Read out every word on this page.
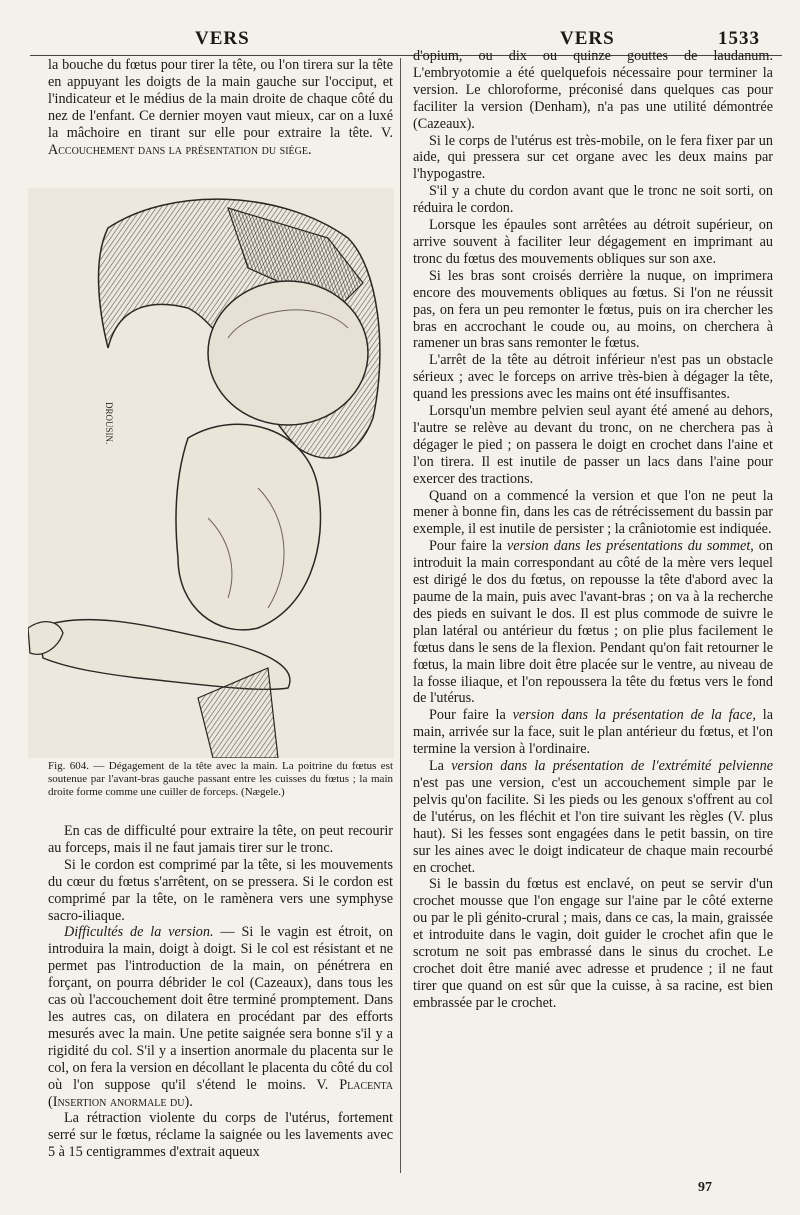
VERS	VERS	1533

la bouche du fœtus pour tirer la tête, ou l'on tirera sur la tête en appuyant les doigts de la main gauche sur l'occiput, et l'indicateur et le médius de la main droite de chaque côté du nez de l'enfant. Ce dernier moyen vaut mieux, car on a luxé la mâchoire en tirant sur elle pour extraire la tête. V. Accouchement dans la présentation du siége.

DROUSIN.
Fig. 604. — Dégagement de la tête avec la main. La poitrine du fœtus est soutenue par l'avant-bras gauche passant entre les cuisses du fœtus ; la main droite forme comme une cuiller de forceps. (Nægele.)

En cas de difficulté pour extraire la tête, on peut recourir au forceps, mais il ne faut jamais tirer sur le tronc.

Si le cordon est comprimé par la tête, si les mouvements du cœur du fœtus s'arrêtent, on se pressera. Si le cordon est comprimé par la tête, on le ramènera vers une symphyse sacro-iliaque.

Difficultés de la version. — Si le vagin est étroit, on introduira la main, doigt à doigt. Si le col est résistant et ne permet pas l'introduction de la main, on pénétrera en forçant, on pourra débrider le col (Cazeaux), dans tous les cas où l'accouchement doit être terminé promptement. Dans les autres cas, on dilatera en procédant par des efforts mesurés avec la main. Une petite saignée sera bonne s'il y a rigidité du col. S'il y a insertion anormale du placenta sur le col, on fera la version en décollant le placenta du côté du col où l'on suppose qu'il s'étend le moins. V. Placenta (Insertion anormale du).

La rétraction violente du corps de l'utérus, fortement serré sur le fœtus, réclame la saignée ou les lavements avec 5 à 15 centigrammes d'extrait aqueux

d'opium, ou dix ou quinze gouttes de laudanum. L'embryotomie a été quelquefois nécessaire pour terminer la version. Le chloroforme, préconisé dans quelques cas pour faciliter la version (Denham), n'a pas une utilité démontrée (Cazeaux).

Si le corps de l'utérus est très-mobile, on le fera fixer par un aide, qui pressera sur cet organe avec les deux mains par l'hypogastre.

S'il y a chute du cordon avant que le tronc ne soit sorti, on réduira le cordon.

Lorsque les épaules sont arrêtées au détroit supérieur, on arrive souvent à faciliter leur dégagement en imprimant au tronc du fœtus des mouvements obliques sur son axe.

Si les bras sont croisés derrière la nuque, on imprimera encore des mouvements obliques au fœtus. Si l'on ne réussit pas, on fera un peu remonter le fœtus, puis on ira chercher les bras en accrochant le coude ou, au moins, on cherchera à ramener un bras sans remonter le fœtus.

L'arrêt de la tête au détroit inférieur n'est pas un obstacle sérieux ; avec le forceps on arrive très-bien à dégager la tête, quand les pressions avec les mains ont été insuffisantes.

Lorsqu'un membre pelvien seul ayant été amené au dehors, l'autre se relève au devant du tronc, on ne cherchera pas à dégager le pied ; on passera le doigt en crochet dans l'aine et l'on tirera. Il est inutile de passer un lacs dans l'aine pour exercer des tractions.

Quand on a commencé la version et que l'on ne peut la mener à bonne fin, dans les cas de rétrécissement du bassin par exemple, il est inutile de persister ; la crâniotomie est indiquée.

Pour faire la version dans les présentations du sommet, on introduit la main correspondant au côté de la mère vers lequel est dirigé le dos du fœtus, on repousse la tête d'abord avec la paume de la main, puis avec l'avant-bras ; on va à la recherche des pieds en suivant le dos. Il est plus commode de suivre le plan latéral ou antérieur du fœtus ; on plie plus facilement le fœtus dans le sens de la flexion. Pendant qu'on fait retourner le fœtus, la main libre doit être placée sur le ventre, au niveau de la fosse iliaque, et l'on repoussera la tête du fœtus vers le fond de l'utérus.

Pour faire la version dans la présentation de la face, la main, arrivée sur la face, suit le plan antérieur du fœtus, et l'on termine la version à l'ordinaire.

La version dans la présentation de l'extrémité pelvienne n'est pas une version, c'est un accouchement simple par le pelvis qu'on facilite. Si les pieds ou les genoux s'offrent au col de l'utérus, on les fléchit et l'on tire suivant les règles (V. plus haut). Si les fesses sont engagées dans le petit bassin, on tire sur les aines avec le doigt indicateur de chaque main recourbé en crochet.

Si le bassin du fœtus est enclavé, on peut se servir d'un crochet mousse que l'on engage sur l'aine par le côté externe ou par le pli génito-crural ; mais, dans ce cas, la main, graissée et introduite dans le vagin, doit guider le crochet afin que le scrotum ne soit pas embrassé dans le sinus du crochet. Le crochet doit être manié avec adresse et prudence ; il ne faut tirer que quand on est sûr que la cuisse, à sa racine, est bien embrassée par le crochet.

97
